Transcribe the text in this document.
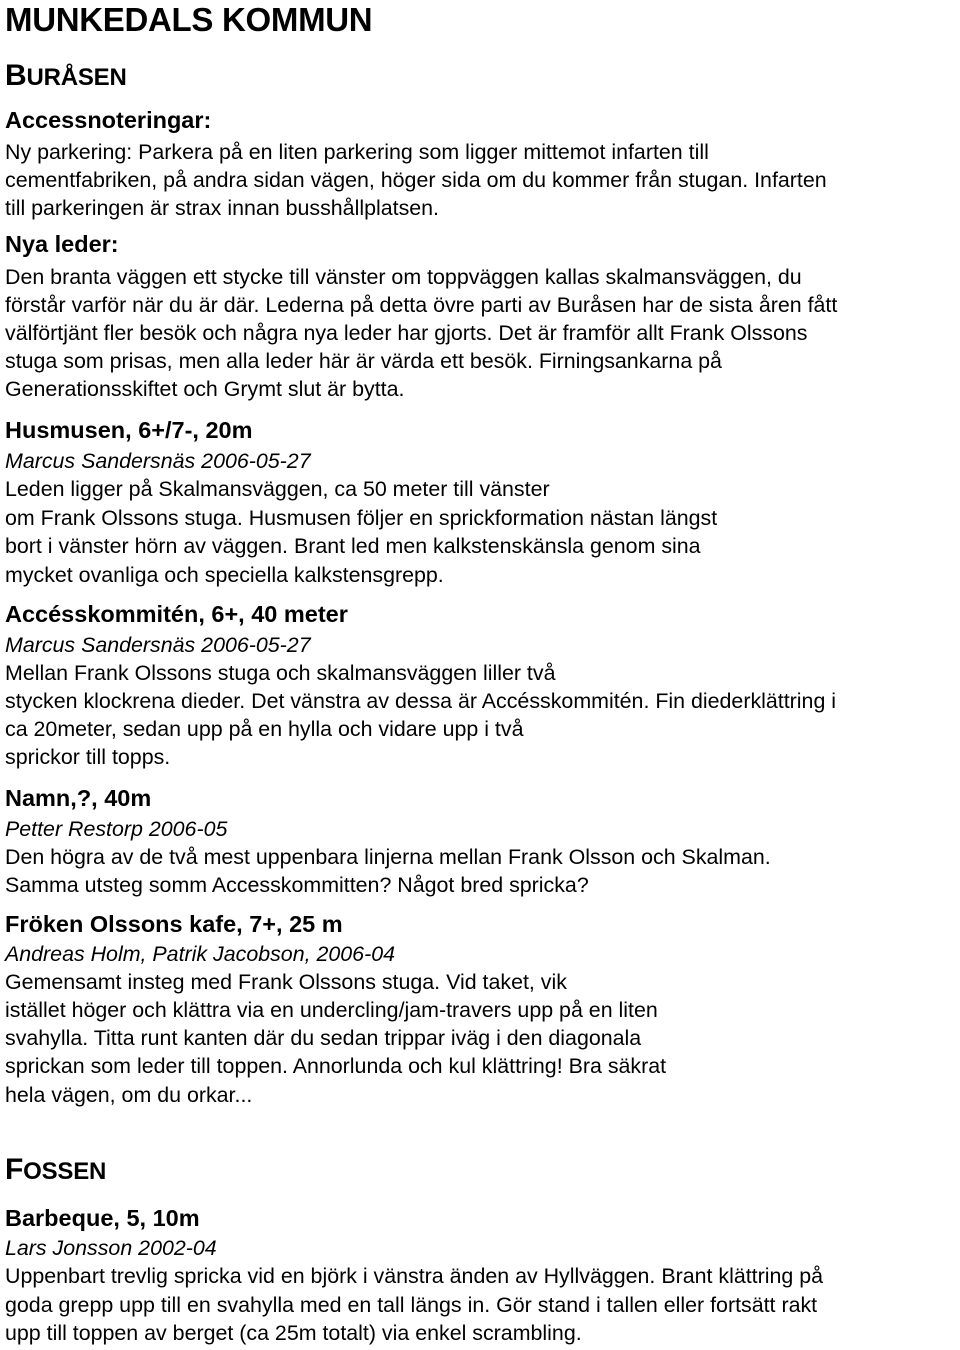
MUNKEDALS KOMMUN
BURÅSEN
Accessnoteringar:
Ny parkering: Parkera på en liten parkering som ligger mittemot infarten till
cementfabriken, på andra sidan vägen, höger sida om du kommer från stugan. Infarten
till parkeringen är strax innan busshållplatsen.
Nya leder:
Den branta väggen ett stycke till vänster om toppväggen kallas skalmansväggen, du
förstår varför när du är där. Lederna på detta övre parti av Buråsen har de sista åren fått
välförtjänt fler besök och några nya leder har gjorts. Det är framför allt Frank Olssons
stuga som prisas, men alla leder här är värda ett besök. Firningsankarna på
Generationsskiftet och Grymt slut är bytta.
Husmusen, 6+/7-, 20m
Marcus Sandersnäs 2006-05-27
Leden ligger på Skalmansväggen, ca 50 meter till vänster
om Frank Olssons stuga. Husmusen följer en sprickformation nästan längst
bort i vänster hörn av väggen. Brant led men kalkstenskänsla genom sina
mycket ovanliga och speciella kalkstensgrepp.
Accésskommitén, 6+, 40 meter
Marcus Sandersnäs 2006-05-27
Mellan Frank Olssons stuga och skalmansväggen liller två
stycken klockrena dieder. Det vänstra av dessa är Accésskommitén. Fin diederklättring i
ca 20meter, sedan upp på en hylla och vidare upp i två
sprickor till topps.
Namn,?, 40m
Petter Restorp 2006-05
Den högra av de två mest uppenbara linjerna mellan Frank Olsson och Skalman.
Samma utsteg somm Accesskommitten? Något bred spricka?
Fröken Olssons kafe, 7+, 25 m
Andreas Holm, Patrik Jacobson, 2006-04
Gemensamt insteg med Frank Olssons stuga. Vid taket, vik
istället höger och klättra via en undercling/jam-travers upp på en liten
svahylla. Titta runt kanten där du sedan trippar iväg i den diagonala
sprickan som leder till toppen. Annorlunda och kul klättring! Bra säkrat
hela vägen, om du orkar...
FOSSEN
Barbeque, 5, 10m
Lars Jonsson 2002-04
Uppenbart trevlig spricka vid en björk i vänstra änden av Hyllväggen. Brant klättring på
goda grepp upp till en svahylla med en tall längs in. Gör stand i tallen eller fortsätt rakt
upp till toppen av berget (ca 25m totalt) via enkel scrambling.
